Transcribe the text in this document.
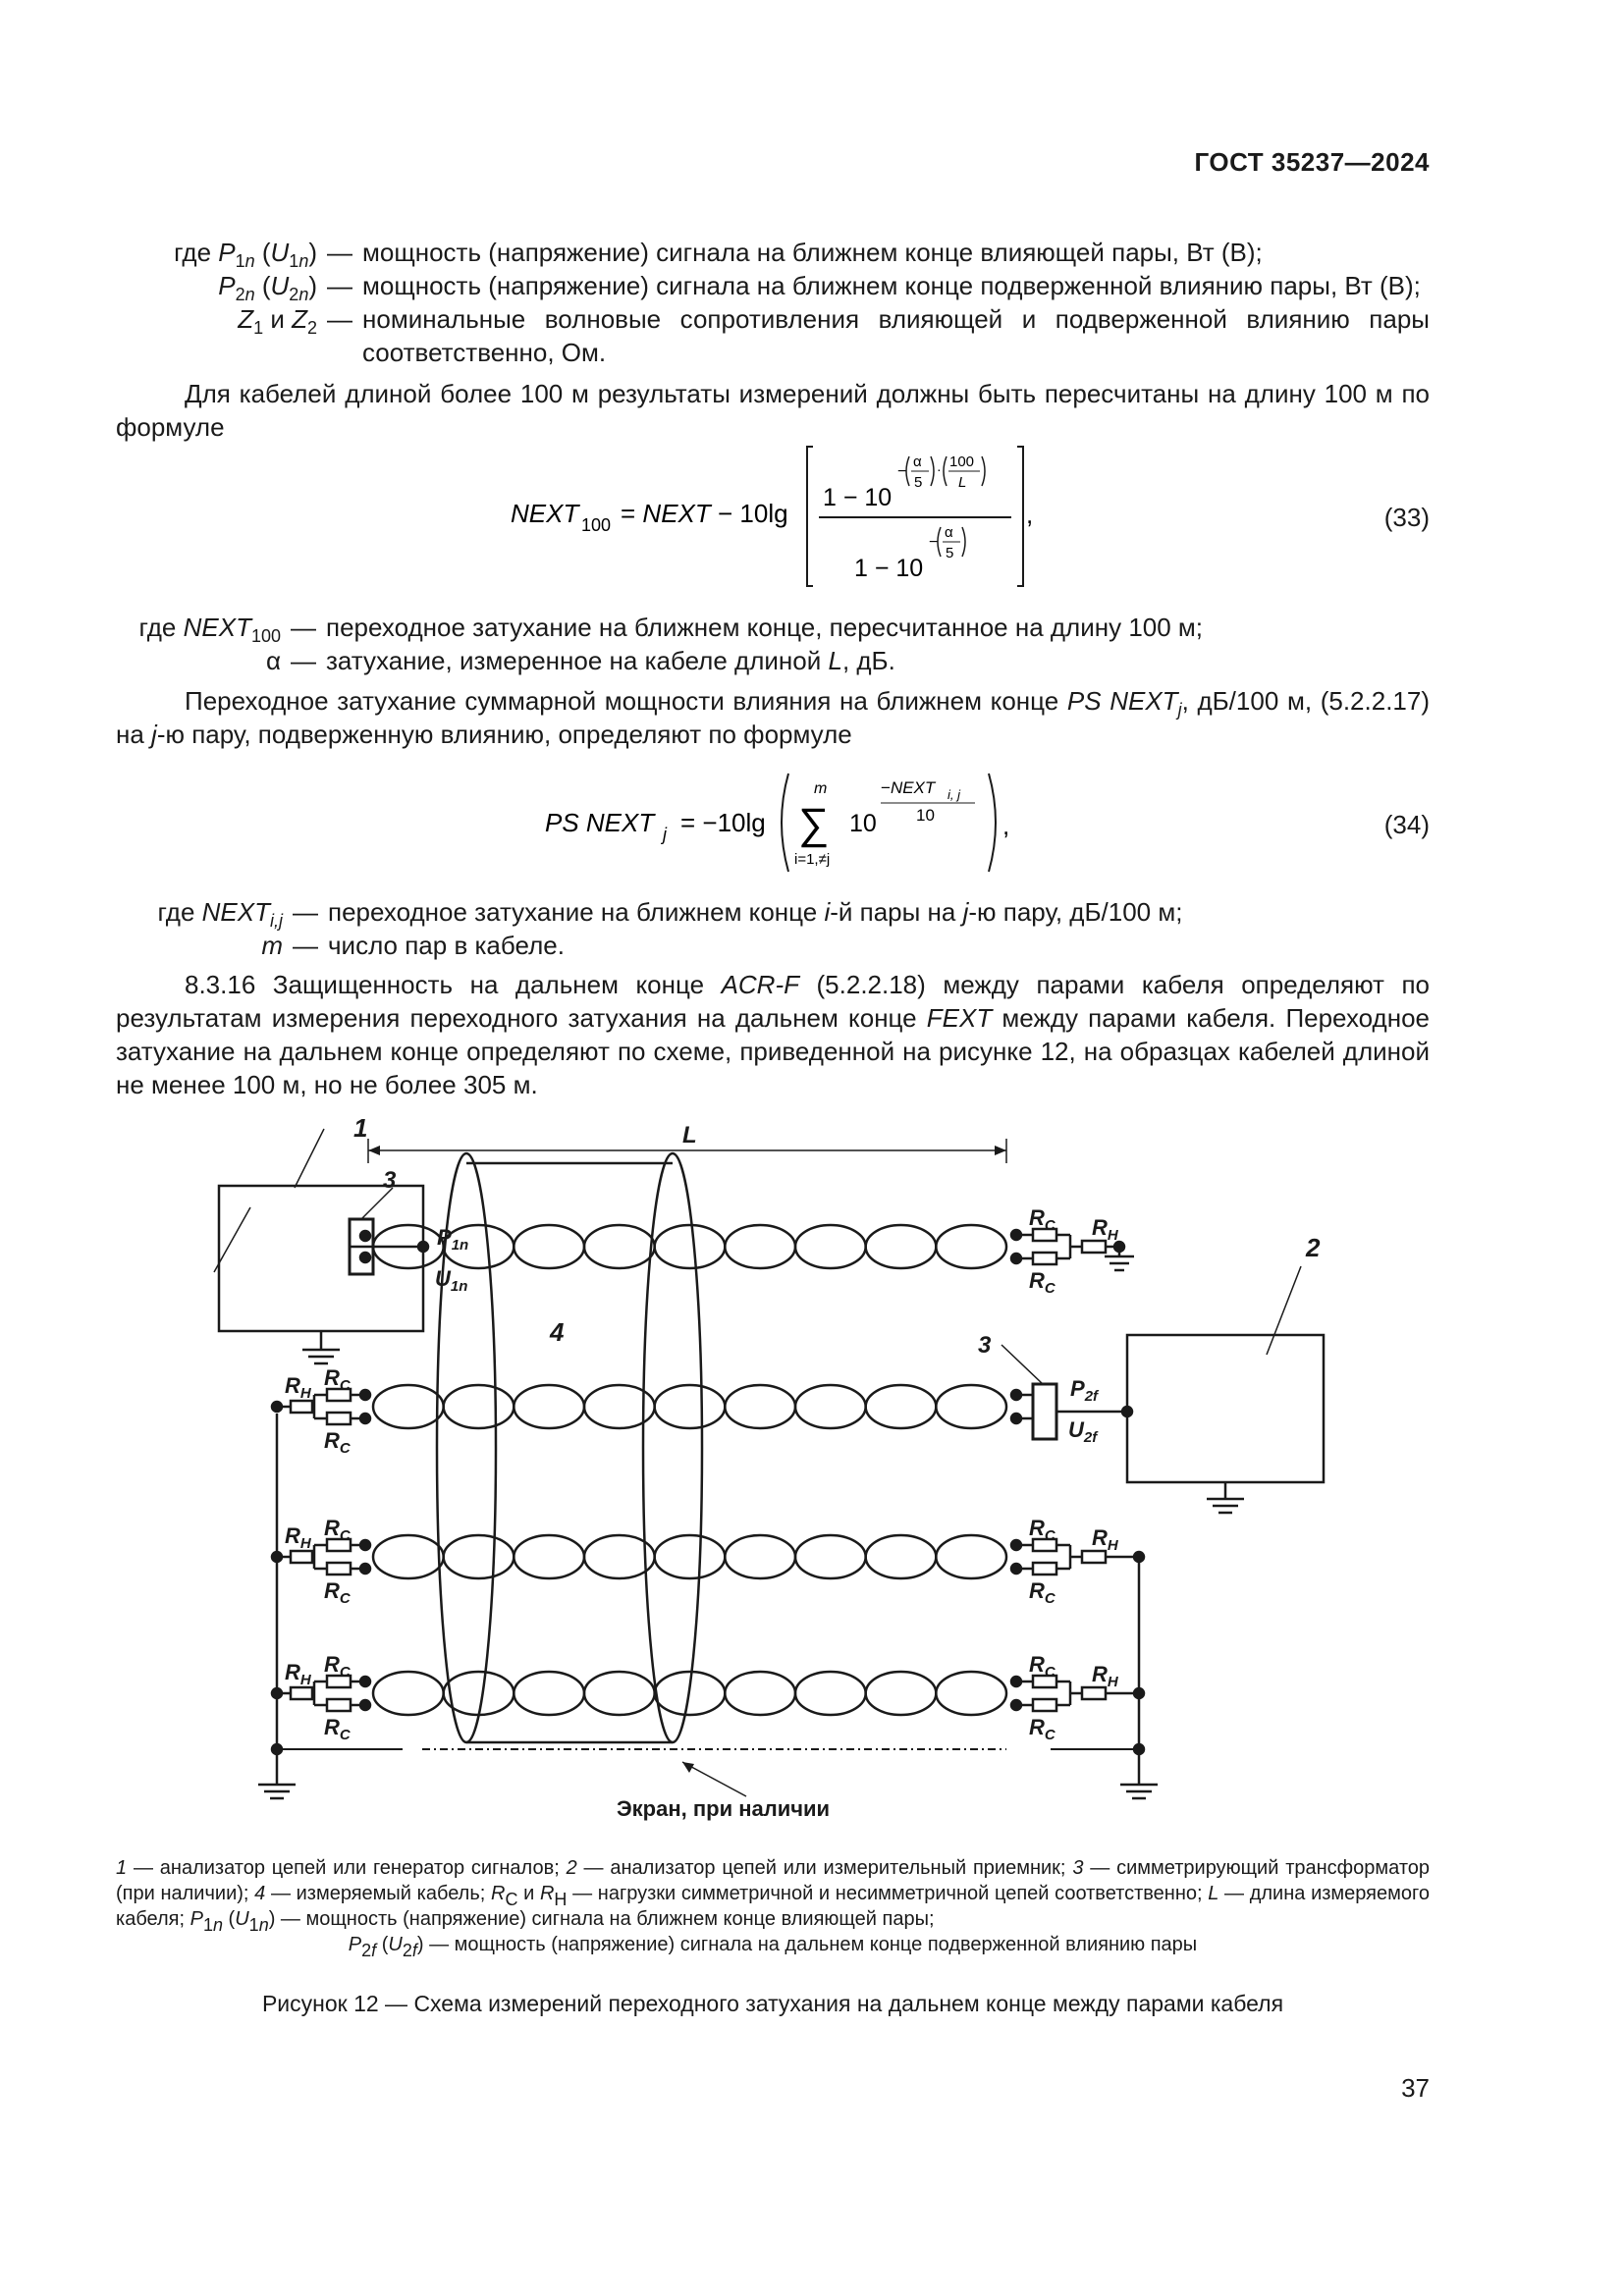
ГОСТ 35237—2024
где $P_{1n}$ $(U_{1n})$ — мощность (напряжение) сигнала на ближнем конце влияющей пары, Вт (В);
$P_{2n}$ $(U_{2n})$ — мощность (напряжение) сигнала на ближнем конце подверженной влиянию пары, Вт (В);
$Z_1$ и $Z_2$ — номинальные волновые сопротивления влияющей и подверженной влиянию пары соответственно, Ом.

Для кабелей длиной более 100 м результаты измерений должны быть пересчитаны на длину 100 м по формуле

NEXT 100 = NEXT − 10lg
1 − 10
−
α
5
· 100
L
1 − 10
−
α
5
,	(33)
где $NEXT_{100}$ — переходное затухание на ближнем конце, пересчитанное на длину 100 м;
α — затухание, измеренное на кабеле длиной L, дБ.

Переходное затухание суммарной мощности влияния на ближнем конце PS $NEXT_j$, дБ/100 м, (5.2.2.17) на j-ю пару, подверженную влиянию, определяют по формуле

PS NEXT j = −10lg
m
∑
i=1,≠j
10
−NEXT i, j
10	,	(34)
где $NEXT_{i,j}$ — переходное затухание на ближнем конце i-й пары на j-ю пару, дБ/100 м;
m — число пар в кабеле.

8.3.16 Защищенность на дальнем конце ACR-F (5.2.2.18) между парами кабеля определяют по результатам измерения переходного затухания на дальнем конце FEXT между парами кабеля. Переходное затухание на дальнем конце определяют по схеме, приведенной на рисунке 12, на образцах кабелей длиной не менее 100 м, но не более 305 м.

1
2
4
L
3
3
$P_{1n}$
$U_{1n}$
$P_{2f}$
$U_{2f}$
Экран, при наличии
$R_C$
$R_C$
$R_H$
$R_C$
$R_C$
$R_H$
$R_C$
$R_C$
$R_H$
$R_C$
$R_C$
$R_H$
$R_C$
$R_C$
$R_H$
$R_C$
$R_C$
$R_H$
1 — анализатор цепей или генератор сигналов; 2 — анализатор цепей или измерительный приемник; 3 — симметрирующий трансформатор (при наличии); 4 — измеряемый кабель; $R_С$ и $R_Н$ — нагрузки симметричной и несимметричной цепей соответственно; L — длина измеряемого кабеля; $P_{1n}$ $(U_{1n})$ — мощность (напряжение) сигнала на ближнем конце влияющей пары;
$P_{2f}$ $(U_{2f})$ — мощность (напряжение) сигнала на дальнем конце подверженной влиянию пары
Рисунок 12 — Схема измерений переходного затухания на дальнем конце между парами кабеля
37
